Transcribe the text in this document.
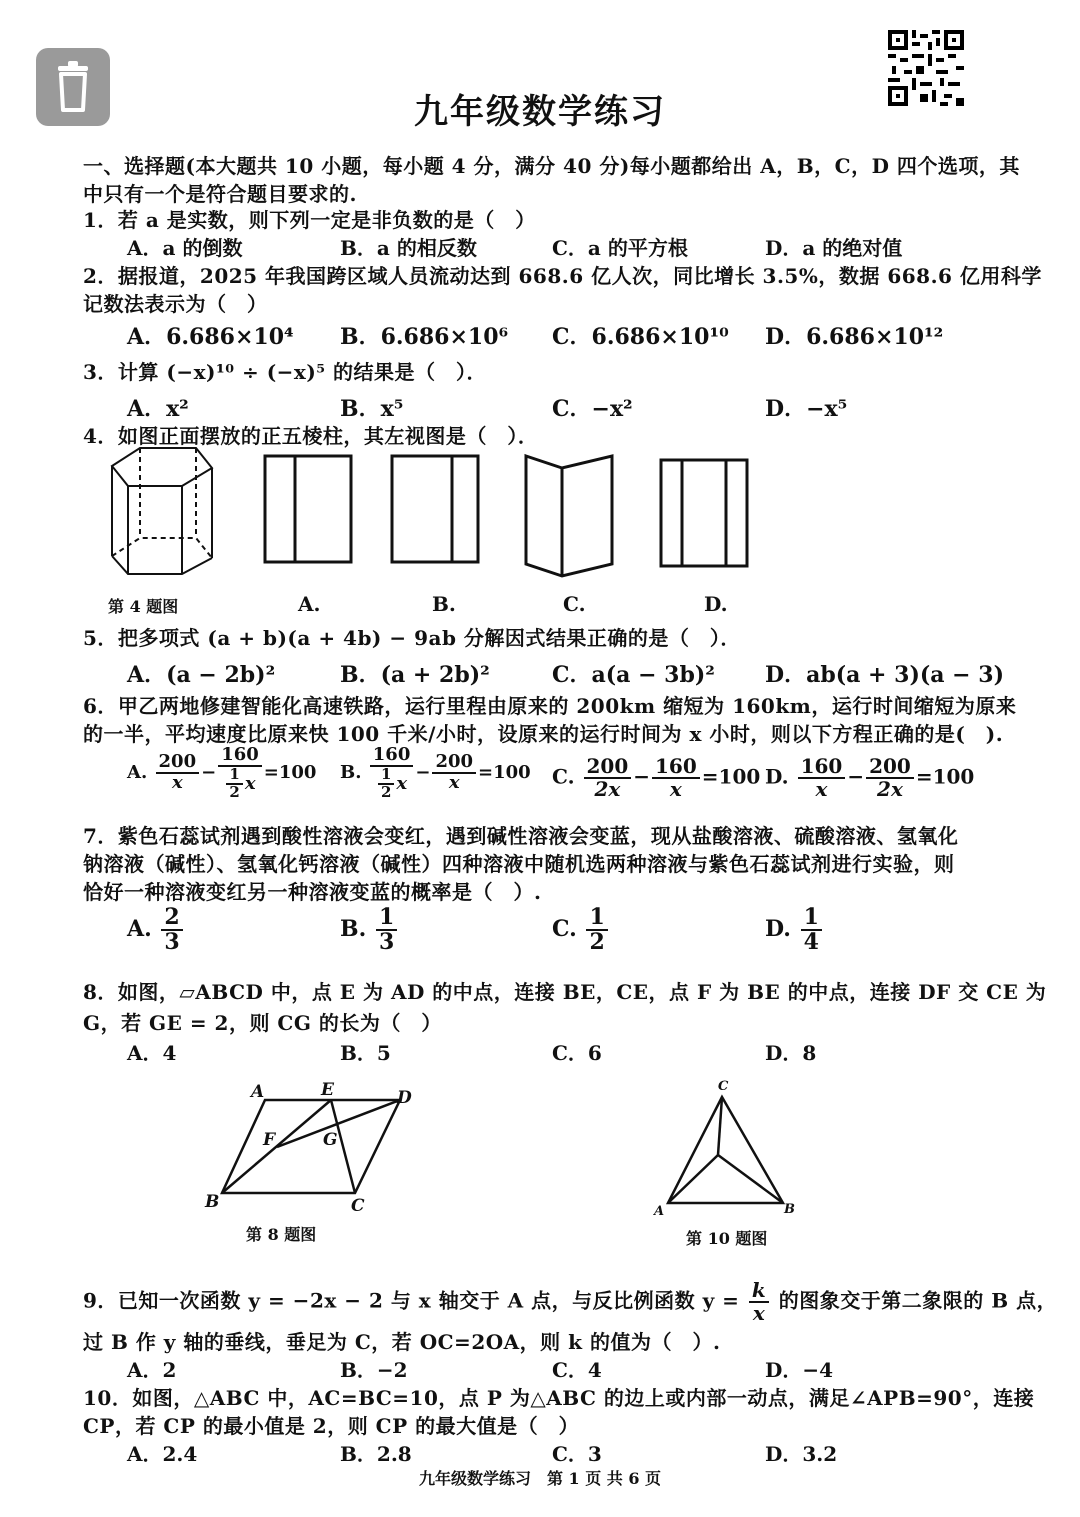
九年级数学练习
一、选择题(本大题共 10 小题，每小题 4 分，满分 40 分)每小题都给出 A，B，C，D 四个选项，其
中只有一个是符合题目要求的.
1．若 a 是实数，则下列一定是非负数的是（　）
A．a 的倒数	B．a 的相反数	C．a 的平方根	D．a 的绝对值
2．据报道，2025 年我国跨区域人员流动达到 668.6 亿人次，同比增长 3.5%，数据 668.6 亿用科学
记数法表示为（　）
A．6.686×10⁴ B．6.686×10⁶ C．6.686×10¹⁰ D．6.686×10¹²
3．计算 (−x)¹⁰ ÷ (−x)⁵ 的结果是（　）．
A．x²	B．x⁵	C．−x²	D．−x⁵
4．如图正面摆放的正五棱柱，其左视图是（　）．
第 4 题图	A.	B.	C.	D.
5．把多项式 (a + b)(a + 4b) − 9ab 分解因式结果正确的是（　）．
A．(a − 2b)²	B．(a + 2b)²	C．a(a − 3b)² D．ab(a + 3)(a − 3)
6．甲乙两地修建智能化高速铁路，运行里程由原来的 200km 缩短为 160km，运行时间缩短为原来
的一半，平均速度比原来快 100 千米/小时，设原来的运行时间为 x 小时，则以下方程正确的是(　).
A. $\frac{200}{x} - \frac{160}{\frac{1}{2} x} =100$ B. $\frac{160}{\frac{1}{2} x} - \frac{200}{x} =100$ C. $\frac{200}{2x} - \frac{160}{x} =100$ D. $\frac{160}{x} - \frac{200}{2x} =100$
7．紫色石蕊试剂遇到酸性溶液会变红，遇到碱性溶液会变蓝，现从盐酸溶液、硫酸溶液、氢氧化
钠溶液（碱性）、氢氧化钙溶液（碱性）四种溶液中随机选两种溶液与紫色石蕊试剂进行实验，则
恰好一种溶液变红另一种溶液变蓝的概率是（　）.
A. $\frac{2}{3}$	B. $\frac{1}{3}$	C. $\frac{1}{2}$	D. $\frac{1}{4}$
8．如图，▱ABCD 中，点 E 为 AD 的中点，连接 BE，CE，点 F 为 BE 的中点，连接 DF 交 CE 为
G，若 GE = 2，则 CG 的长为（　）
A．4	B．5	C．6	D．8
A	E	D
F	G
B	C
第 8 题图
C
A	B
第 10 题图
9．已知一次函数 y = −2x − 2 与 x 轴交于 A 点，与反比例函数 $y = \frac{k}{x}$ 的图象交于第二象限的 B 点，
过 B 作 y 轴的垂线，垂足为 C，若 OC=2OA，则 k 的值为（　）.
A．2	B．−2	C．4	D．−4
10．如图，△ABC 中，AC=BC=10，点 P 为△ABC 的边上或内部一动点，满足∠APB=90°，连接
CP，若 CP 的最小值是 2，则 CP 的最大值是（　）
A．2.4	B．2.8	C．3	D．3.2
九年级数学练习　第 1 页 共 6 页
